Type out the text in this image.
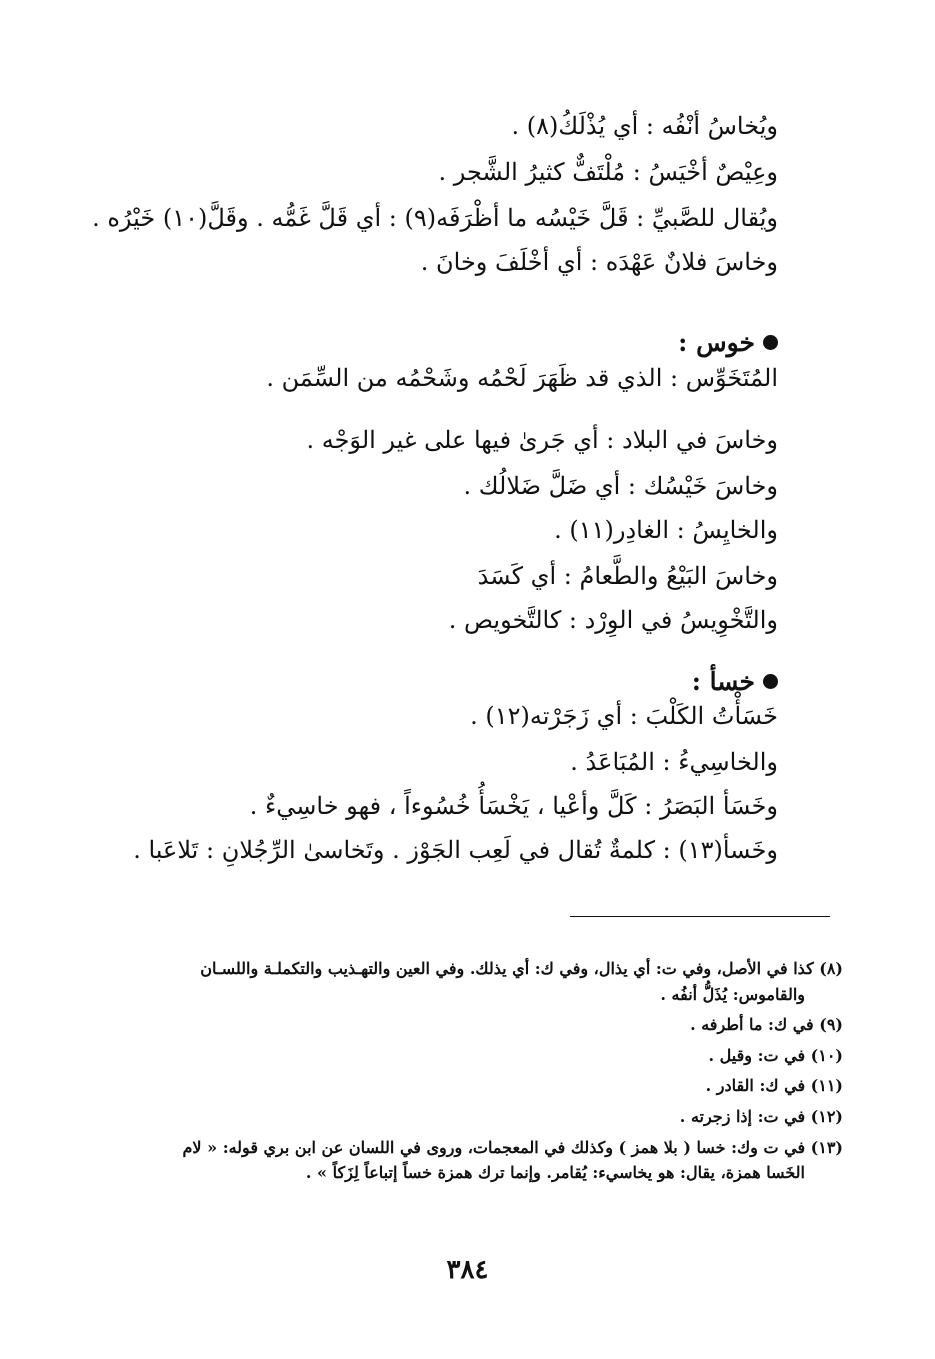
ويُخاسُ أنْفُه : أي يُذْلَكُ(٨) .
وعِيْصٌ أخْيَسُ : مُلْتَفٌّ كثيرُ الشَّجر .
ويُقال للصَّبيِّ : قَلَّ خَيْسُه ما أظْرَفَه(٩) : أي قَلَّ غَمُّه . وقَلَّ(١٠) خَيْرُه .
وخاسَ فلانٌ عَهْدَه : أي أخْلَفَ وخانَ .
خوس :
المُتَخَوِّس : الذي قد ظَهَرَ لَحْمُه وشَحْمُه من السِّمَن .
وخاسَ في البلاد : أي جَرىٰ فيها على غير الوَجْه .
وخاسَ خَيْسُك : أي ضَلَّ ضَلالُك .
والخايِسُ : الغادِر(١١) .
وخاسَ البَيْعُ والطَّعامُ : أي كَسَدَ
والتَّخْوِيسُ في الوِرْد : كالتَّخويص .
خسأ :
خَسَأْتُ الكَلْبَ : أي زَجَرْته(١٢) .
والخاسِيءُ : المُبَاعَدُ .
وخَسَأ البَصَرُ : كَلَّ وأعْيا ، يَخْسَأُ خُسُوءاً ، فهو خاسِيءٌ .
وخَسأ(١٣) : كلمةٌ تُقال في لَعِب الجَوْز . وتَخاسىٰ الرِّجُلانِ : تَلاعَبا .
(٨) كذا في الأصل، وفي ت: أي يذال، وفي ك: أي يذلك. وفي العين والتهـذيب والتكملـة واللسـان
والقاموس: يُذَلُّ أنفُه .
(٩) في ك: ما أطرفه .
(١٠) في ت: وقيل .
(١١) في ك: القادر .
(١٢) في ت: إذا زجرته .
(١٣) في ت وك: خسا ( بلا همز ) وكذلك في المعجمات، وروى في اللسان عن ابن بري قوله: « لام
الخَسا همزة، يقال: هو يخاسيء: يُقامر. وإنما ترك همزة خساً إتباعاً لِزَكاً » .
٣٨٤
